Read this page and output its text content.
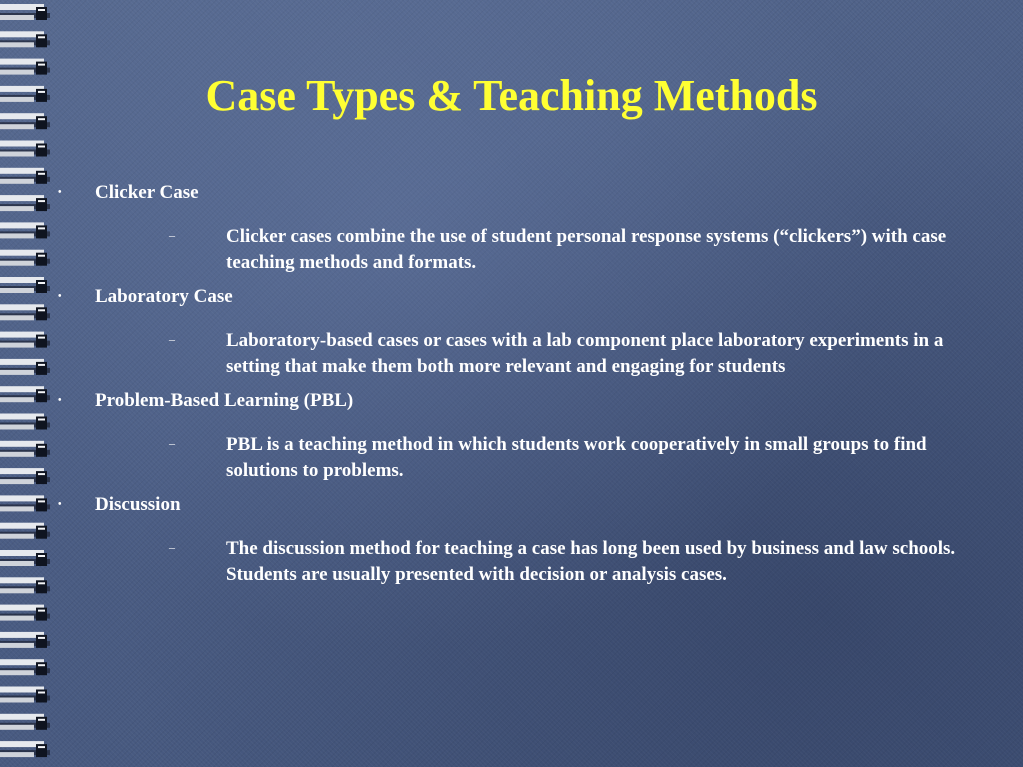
Case Types & Teaching Methods
• Clicker Case
–	Clicker cases combine the use of student personal response systems (“clickers”) with case teaching methods and formats.
• Laboratory Case
–	Laboratory-based cases or cases with a lab component place laboratory experiments in a setting that make them both more relevant and engaging for students
• Problem-Based Learning (PBL)
–	PBL is a teaching method in which students work cooperatively in small groups to find solutions to problems.
• Discussion
–	The discussion method for teaching a case has long been used by business and law schools. Students are usually presented with decision or analysis cases.
